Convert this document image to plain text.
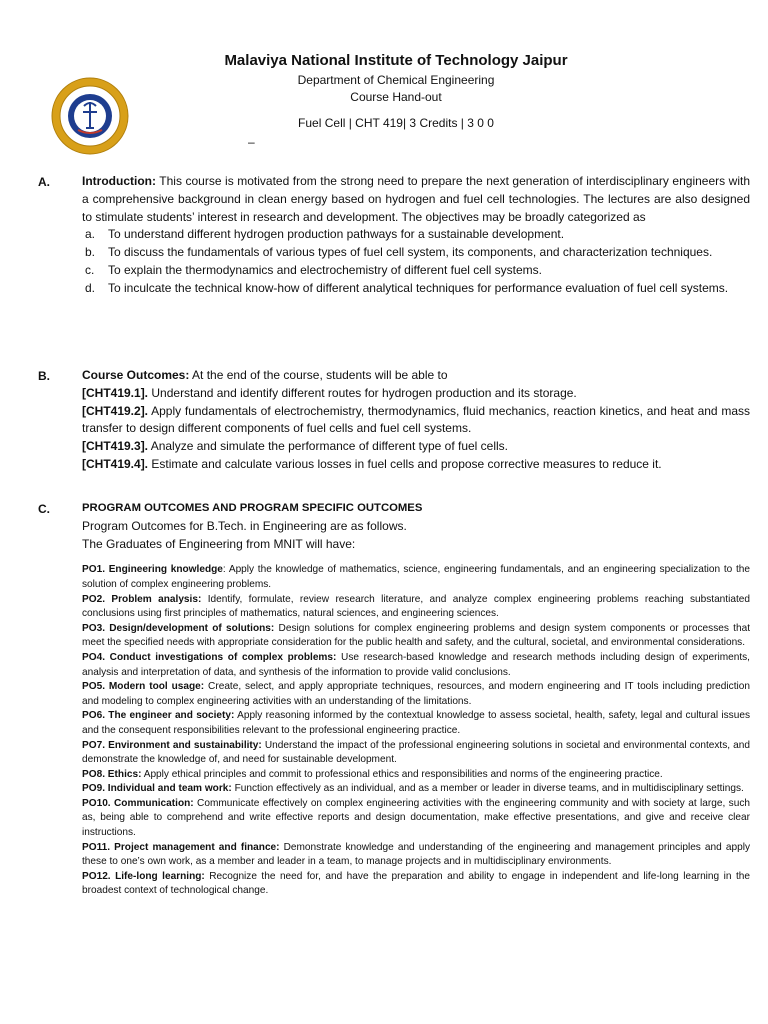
Malaviya National Institute of Technology Jaipur
Department of Chemical Engineering
Course Hand-out
Fuel Cell | CHT 419| 3 Credits | 3 0 0
–
A.	Introduction: This course is motivated from the strong need to prepare the next generation of interdisciplinary engineers with a comprehensive background in clean energy based on hydrogen and fuel cell technologies. The lectures are also designed to stimulate students’ interest in research and development. The objectives may be broadly categorized as

a. To understand different hydrogen production pathways for a sustainable development.
b. To discuss the fundamentals of various types of fuel cell system, its components, and characterization techniques.
c. To explain the thermodynamics and electrochemistry of different fuel cell systems.
d. To inculcate the technical know-how of different analytical techniques for performance evaluation of fuel cell systems.
B.	Course Outcomes: At the end of the course, students will be able to

[CHT419.1]. Understand and identify different routes for hydrogen production and its storage.

[CHT419.2]. Apply fundamentals of electrochemistry, thermodynamics, fluid mechanics, reaction kinetics, and heat and mass transfer to design different components of fuel cells and fuel cell systems.

[CHT419.3]. Analyze and simulate the performance of different type of fuel cells.

[CHT419.4]. Estimate and calculate various losses in fuel cells and propose corrective measures to reduce it.

C.	PROGRAM OUTCOMES AND PROGRAM SPECIFIC OUTCOMES

Program Outcomes for B.Tech. in Engineering are as follows.

The Graduates of Engineering from MNIT will have:

PO1. Engineering knowledge: Apply the knowledge of mathematics, science, engineering fundamentals, and an engineering specialization to the solution of complex engineering problems.

PO2. Problem analysis: Identify, formulate, review research literature, and analyze complex engineering problems reaching substantiated conclusions using first principles of mathematics, natural sciences, and engineering sciences.

PO3. Design/development of solutions: Design solutions for complex engineering problems and design system components or processes that meet the specified needs with appropriate consideration for the public health and safety, and the cultural, societal, and environmental considerations.

PO4. Conduct investigations of complex problems: Use research-based knowledge and research methods including design of experiments, analysis and interpretation of data, and synthesis of the information to provide valid conclusions.

PO5. Modern tool usage: Create, select, and apply appropriate techniques, resources, and modern engineering and IT tools including prediction and modeling to complex engineering activities with an understanding of the limitations.

PO6. The engineer and society: Apply reasoning informed by the contextual knowledge to assess societal, health, safety, legal and cultural issues and the consequent responsibilities relevant to the professional engineering practice.

PO7. Environment and sustainability: Understand the impact of the professional engineering solutions in societal and environmental contexts, and demonstrate the knowledge of, and need for sustainable development.

PO8. Ethics: Apply ethical principles and commit to professional ethics and responsibilities and norms of the engineering practice.

PO9. Individual and team work: Function effectively as an individual, and as a member or leader in diverse teams, and in multidisciplinary settings.

PO10. Communication: Communicate effectively on complex engineering activities with the engineering community and with society at large, such as, being able to comprehend and write effective reports and design documentation, make effective presentations, and give and receive clear instructions.

PO11. Project management and finance: Demonstrate knowledge and understanding of the engineering and management principles and apply these to one’s own work, as a member and leader in a team, to manage projects and in multidisciplinary environments.

PO12. Life-long learning: Recognize the need for, and have the preparation and ability to engage in independent and life-long learning in the broadest context of technological change.
